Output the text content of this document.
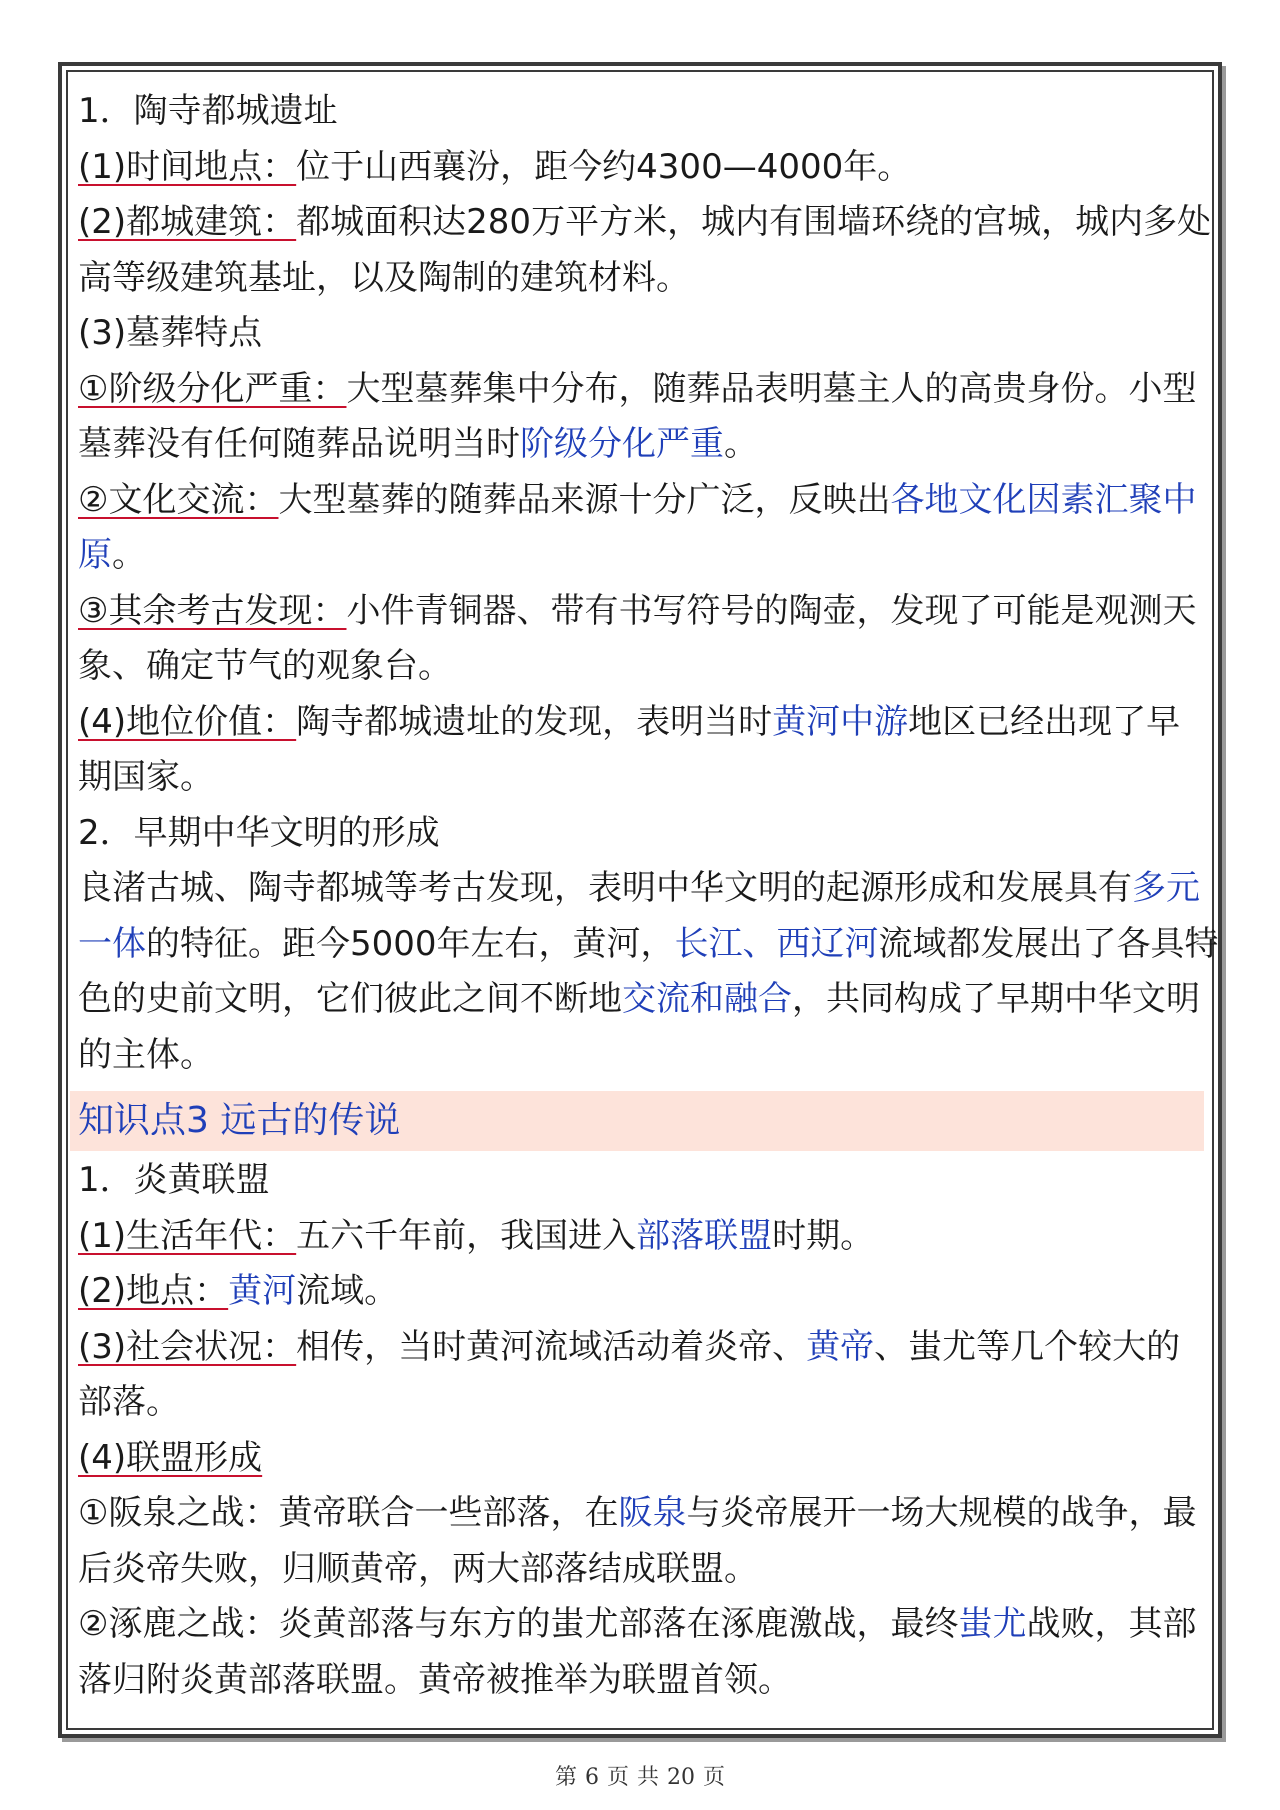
1．陶寺都城遗址
(1)时间地点：位于山西襄汾，距今约4300—4000年。
(2)都城建筑：都城面积达280万平方米，城内有围墙环绕的宫城，城内多处
高等级建筑基址，以及陶制的建筑材料。
(3)墓葬特点
①阶级分化严重：大型墓葬集中分布，随葬品表明墓主人的高贵身份。小型
墓葬没有任何随葬品说明当时阶级分化严重。
②文化交流：大型墓葬的随葬品来源十分广泛，反映出各地文化因素汇聚中
原。
③其余考古发现：小件青铜器、带有书写符号的陶壶，发现了可能是观测天
象、确定节气的观象台。
(4)地位价值：陶寺都城遗址的发现，表明当时黄河中游地区已经出现了早
期国家。
2．早期中华文明的形成
良渚古城、陶寺都城等考古发现，表明中华文明的起源形成和发展具有多元
一体的特征。距今5000年左右，黄河，长江、西辽河流域都发展出了各具特
色的史前文明，它们彼此之间不断地交流和融合，共同构成了早期中华文明
的主体。
知识点3 远古的传说
1．炎黄联盟
(1)生活年代：五六千年前，我国进入部落联盟时期。
(2)地点：黄河流域。
(3)社会状况：相传，当时黄河流域活动着炎帝、黄帝、蚩尤等几个较大的
部落。
(4)联盟形成
①阪泉之战：黄帝联合一些部落，在阪泉与炎帝展开一场大规模的战争，最
后炎帝失败，归顺黄帝，两大部落结成联盟。
②涿鹿之战：炎黄部落与东方的蚩尤部落在涿鹿激战，最终蚩尤战败，其部
落归附炎黄部落联盟。黄帝被推举为联盟首领。
第 6 页 共 20 页
